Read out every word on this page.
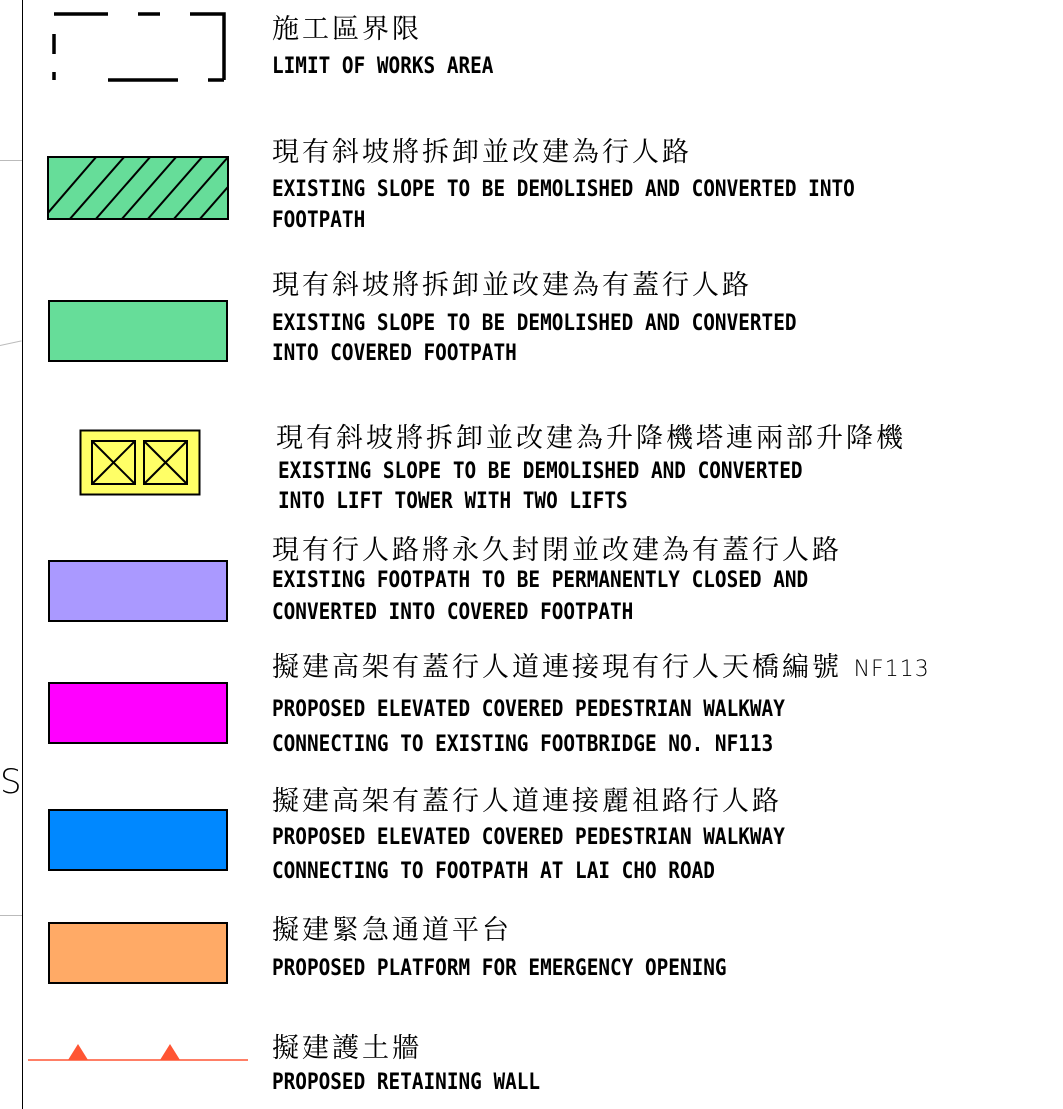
S
施工區界限
LIMIT OF WORKS AREA
現有斜坡將拆卸並改建為行人路
EXISTING SLOPE TO BE DEMOLISHED AND CONVERTED INTO
FOOTPATH
現有斜坡將拆卸並改建為有蓋行人路
EXISTING SLOPE TO BE DEMOLISHED AND CONVERTED
INTO COVERED FOOTPATH
現有斜坡將拆卸並改建為升降機塔連兩部升降機
EXISTING SLOPE TO BE DEMOLISHED AND CONVERTED
INTO LIFT TOWER WITH TWO LIFTS
現有行人路將永久封閉並改建為有蓋行人路
EXISTING FOOTPATH TO BE PERMANENTLY CLOSED AND
CONVERTED INTO COVERED FOOTPATH
擬建高架有蓋行人道連接現有行人天橋編號 NF113
PROPOSED ELEVATED COVERED PEDESTRIAN WALKWAY
CONNECTING TO EXISTING FOOTBRIDGE NO. NF113
擬建高架有蓋行人道連接麗祖路行人路
PROPOSED ELEVATED COVERED PEDESTRIAN WALKWAY
CONNECTING TO FOOTPATH AT LAI CHO ROAD
擬建緊急通道平台
PROPOSED PLATFORM FOR EMERGENCY OPENING
擬建護土牆
PROPOSED RETAINING WALL
